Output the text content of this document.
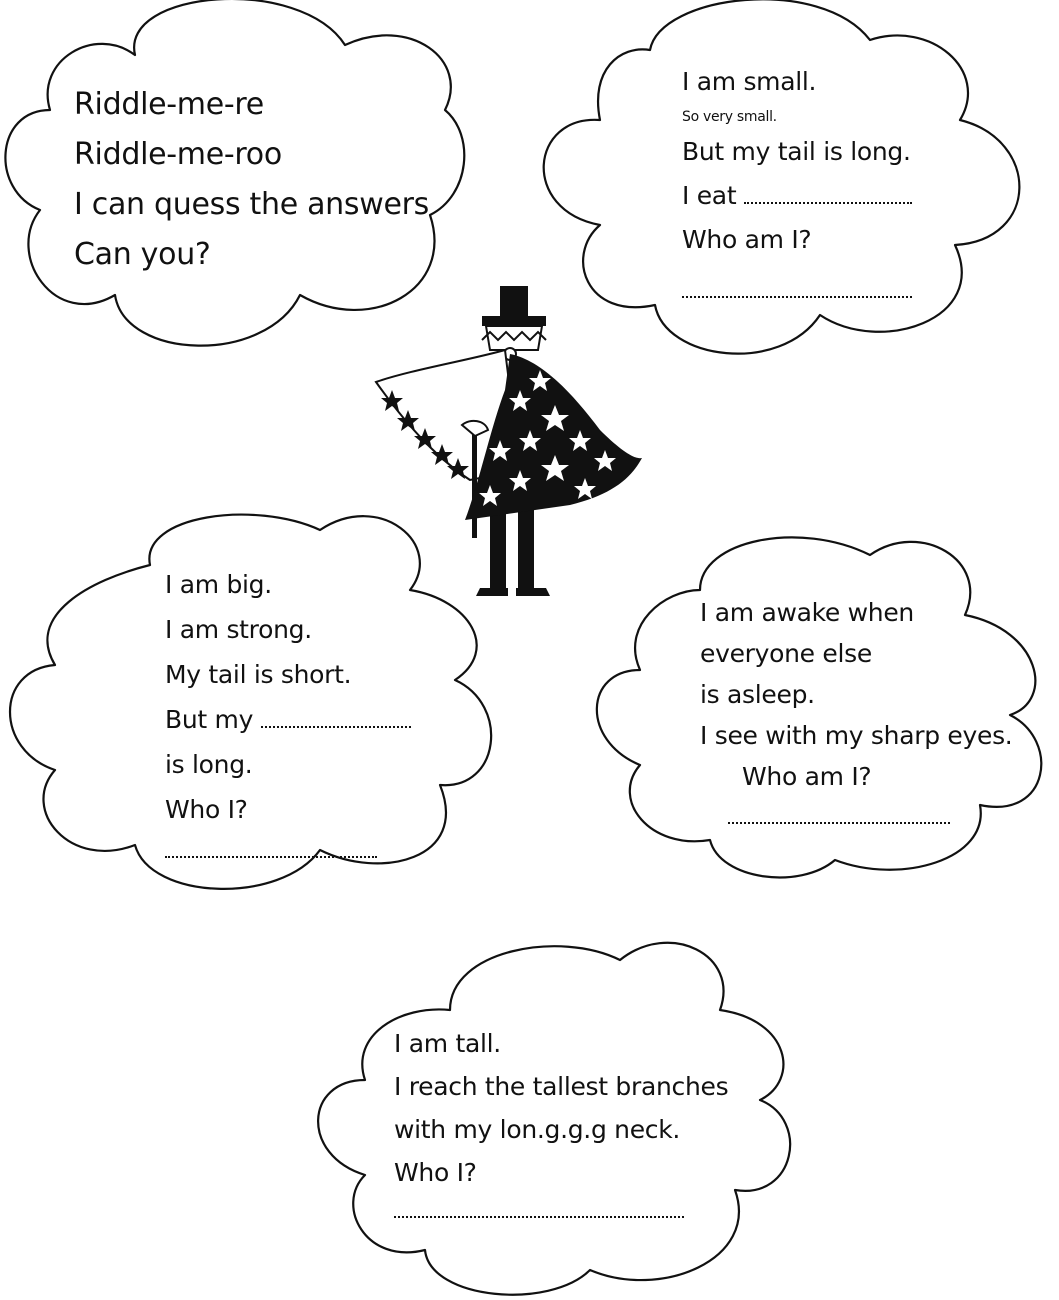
Riddle-me-re
Riddle-me-roo
I can quess the answers
Can you?
I am small.
So very small.
But my tail is long.
I eat
Who am I?
I am big.
I am strong.
My tail is short.
But my
is long.
Who I?
I am awake when
everyone else
is asleep.
I see with my sharp eyes.
Who am I?
I am tall.
I reach the tallest branches
with my lon.g.g.g neck.
Who I?
